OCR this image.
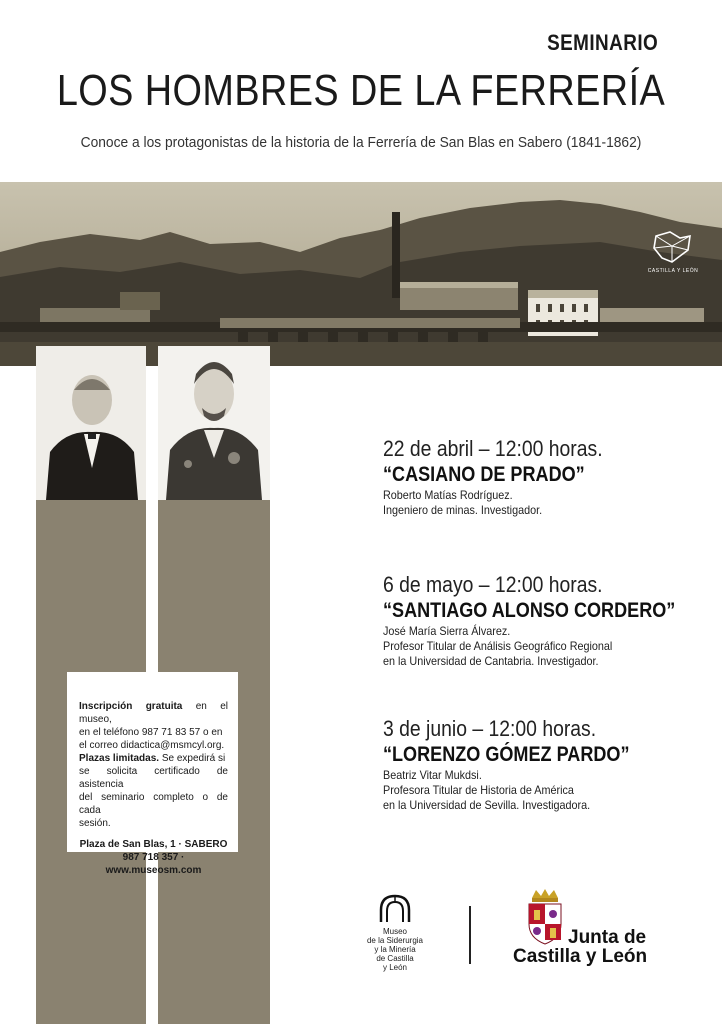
SEMINARIO
LOS HOMBRES DE LA FERRERÍA
Conoce a los protagonistas de la historia de la Ferrería de San Blas en Sabero (1841-1862)
CASTILLA Y LEÓN
Inscripción gratuita en el museo,
en el teléfono 987 71 83 57 o en
el correo didactica@msmcyl.org.
Plazas limitadas. Se expedirá si
se solicita certificado de asistencia
del seminario completo o de cada
sesión.
Plaza de San Blas, 1 · SABERO
987 718 357 · www.museosm.com
22 de abril – 12:00 horas.
“CASIANO DE PRADO”
Roberto Matías Rodríguez.
Ingeniero de minas. Investigador.
6 de mayo – 12:00 horas.
“SANTIAGO ALONSO CORDERO”
José María Sierra Álvarez.
Profesor Titular de Análisis Geográfico Regional
en la Universidad de Cantabria. Investigador.
3 de junio – 12:00 horas.
“LORENZO GÓMEZ PARDO”
Beatriz Vitar Mukdsi.
Profesora Titular de Historia de América
en la Universidad de Sevilla. Investigadora.
Museo
de la Siderurgia
y la Minería
de Castilla
y León
Junta de
Castilla y León
